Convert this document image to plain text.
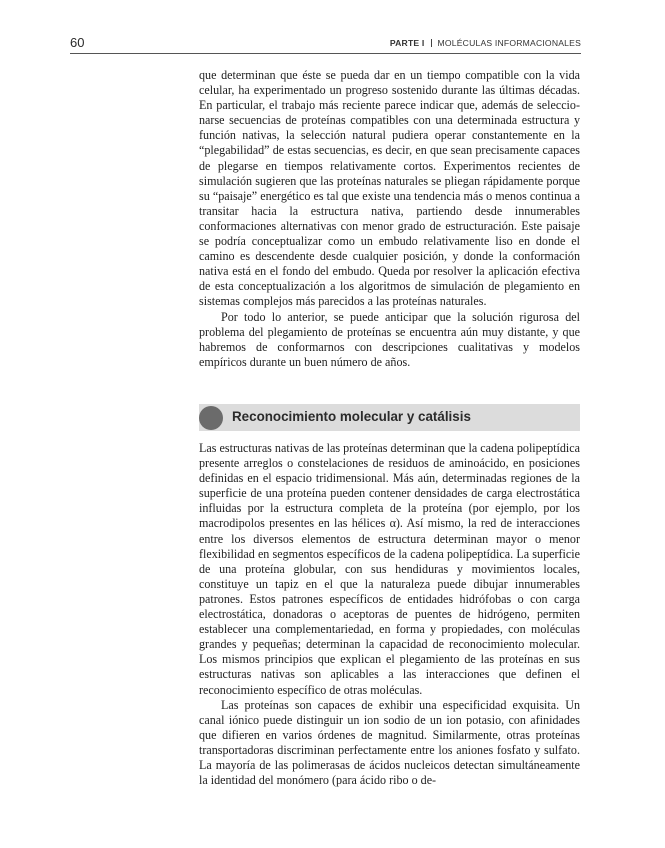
60	PARTE I MOLÉCULAS INFORMACIONALES

que determinan que éste se pueda dar en un tiempo compatible con la vida celular, ha experimentado un progreso sostenido durante las últimas décadas. En particular, el trabajo más reciente parece indicar que, además de seleccionarse secuencias de proteínas compatibles con una determinada estructura y función nativas, la selección natural pudiera operar constantemente en la “plegabilidad” de estas secuencias, es decir, en que sean precisamente capaces de plegarse en tiempos relativamente cortos. Experimentos recientes de simulación sugieren que las proteínas naturales se pliegan rápidamente porque su “paisaje” energético es tal que existe una tendencia más o menos continua a transitar hacia la estructura nativa, partiendo desde innumerables conformaciones alternativas con menor grado de estructuración. Este paisaje se podría conceptualizar como un embudo relativamente liso en donde el camino es descendente desde cualquier posición, y donde la conformación nativa está en el fondo del embudo. Queda por resolver la aplicación efectiva de esta conceptualización a los algoritmos de simulación de plegamiento en sistemas complejos más parecidos a las proteínas naturales.

Por todo lo anterior, se puede anticipar que la solución rigurosa del problema del plegamiento de proteínas se encuentra aún muy distante, y que habremos de conformarnos con descripciones cualitativas y modelos empíricos durante un buen número de años.

Reconocimiento molecular y catálisis

Las estructuras nativas de las proteínas determinan que la cadena polipeptídica presente arreglos o constelaciones de residuos de aminoácido, en posiciones definidas en el espacio tridimensional. Más aún, determinadas regiones de la superficie de una proteína pueden contener densidades de carga electrostática influidas por la estructura completa de la proteína (por ejemplo, por los macrodipolos presentes en las hélices α). Así mismo, la red de interacciones entre los diversos elementos de estructura determinan mayor o menor flexibilidad en segmentos específicos de la cadena polipeptídica. La superficie de una proteína globular, con sus hendiduras y movimientos locales, constituye un tapiz en el que la naturaleza puede dibujar innumerables patrones. Estos patrones específicos de entidades hidrófobas o con carga electrostática, donadoras o aceptoras de puentes de hidrógeno, permiten establecer una complementariedad, en forma y propiedades, con moléculas grandes y pequeñas; determinan la capacidad de reconocimiento molecular. Los mismos principios que explican el plegamiento de las proteínas en sus estructuras nativas son aplicables a las interacciones que definen el reconocimiento específico de otras moléculas.

Las proteínas son capaces de exhibir una especificidad exquisita. Un canal iónico puede distinguir un ion sodio de un ion potasio, con afinidades que difieren en varios órdenes de magnitud. Similarmente, otras proteínas transportadoras discriminan perfectamente entre los aniones fosfato y sulfato. La mayoría de las polimerasas de ácidos nucleicos detectan simultáneamente la identidad del monómero (para ácido ribo o de-
